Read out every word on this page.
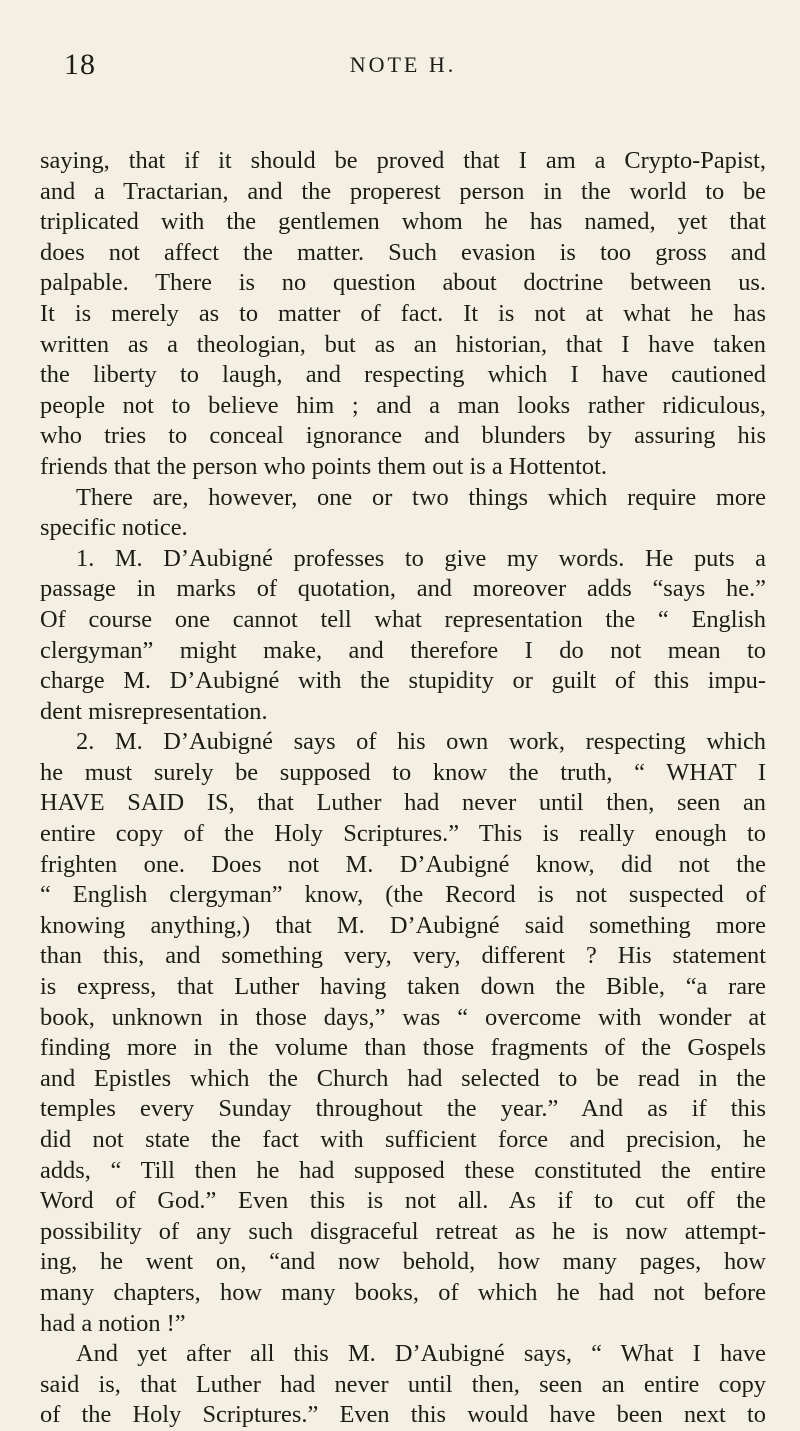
18	NOTE H.
saying, that if it should be proved that I am a Crypto-Papist,
and a Tractarian, and the properest person in the world to be
triplicated with the gentlemen whom he has named, yet that
does not affect the matter. Such evasion is too gross and
palpable. There is no question about doctrine between us.
It is merely as to matter of fact. It is not at what he has
written as a theologian, but as an historian, that I have taken
the liberty to laugh, and respecting which I have cautioned
people not to believe him ; and a man looks rather ridiculous,
who tries to conceal ignorance and blunders by assuring his
friends that the person who points them out is a Hottentot.
There are, however, one or two things which require more
specific notice.
1. M. D’Aubigné professes to give my words. He puts a
passage in marks of quotation, and moreover adds “says he.”
Of course one cannot tell what representation the “ English
clergyman” might make, and therefore I do not mean to
charge M. D’Aubigné with the stupidity or guilt of this impu-
dent misrepresentation.
2. M. D’Aubigné says of his own work, respecting which
he must surely be supposed to know the truth, “ WHAT I
HAVE SAID IS, that Luther had never until then, seen an
entire copy of the Holy Scriptures.” This is really enough to
frighten one. Does not M. D’Aubigné know, did not the
“ English clergyman” know, (the Record is not suspected of
knowing anything,) that M. D’Aubigné said something more
than this, and something very, very, different ? His statement
is express, that Luther having taken down the Bible, “a rare
book, unknown in those days,” was “ overcome with wonder at
finding more in the volume than those fragments of the Gospels
and Epistles which the Church had selected to be read in the
temples every Sunday throughout the year.” And as if this
did not state the fact with sufficient force and precision, he
adds, “ Till then he had supposed these constituted the entire
Word of God.” Even this is not all. As if to cut off the
possibility of any such disgraceful retreat as he is now attempt-
ing, he went on, “and now behold, how many pages, how
many chapters, how many books, of which he had not before
had a notion !”
And yet after all this M. D’Aubigné says, “ What I have
said is, that Luther had never until then, seen an entire copy
of the Holy Scriptures.” Even this would have been next to
